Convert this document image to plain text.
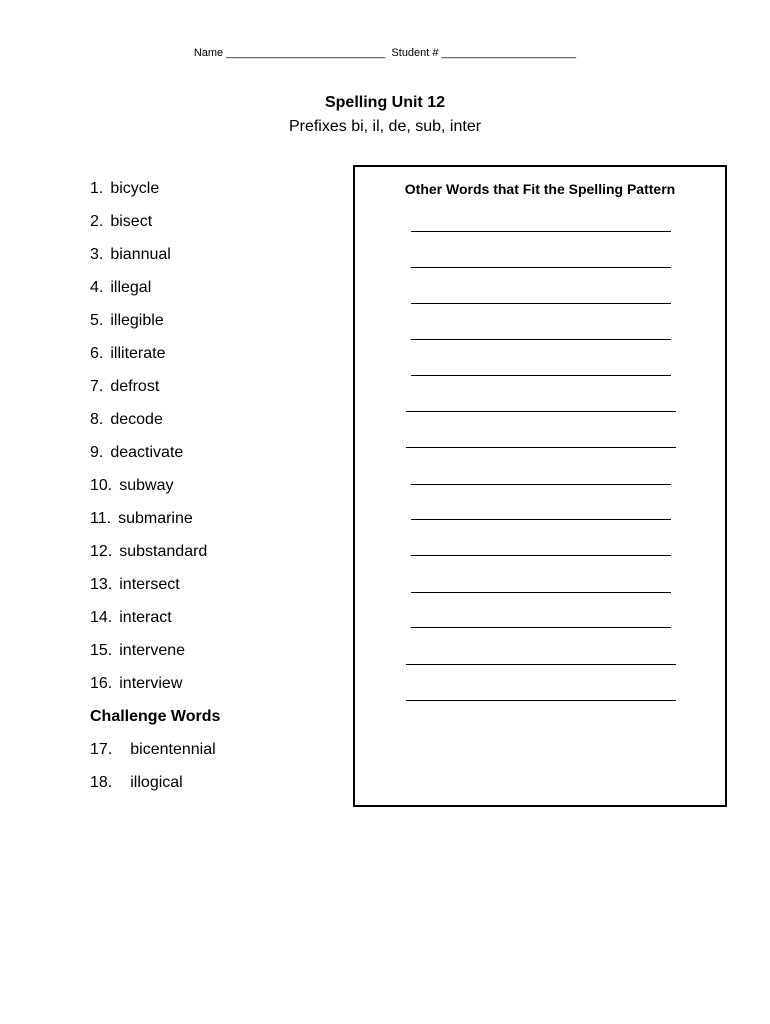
Name __________________________ Student # ______________________
Spelling Unit 12
Prefixes bi, il, de, sub, inter
1. bicycle
2. bisect
3. biannual
4. illegal
5. illegible
6. illiterate
7. defrost
8. decode
9. deactivate
10. subway
11. submarine
12. substandard
13. intersect
14. interact
15. intervene
16. interview
Challenge Words
17. bicentennial
18. illogical
Other Words that Fit the Spelling Pattern
